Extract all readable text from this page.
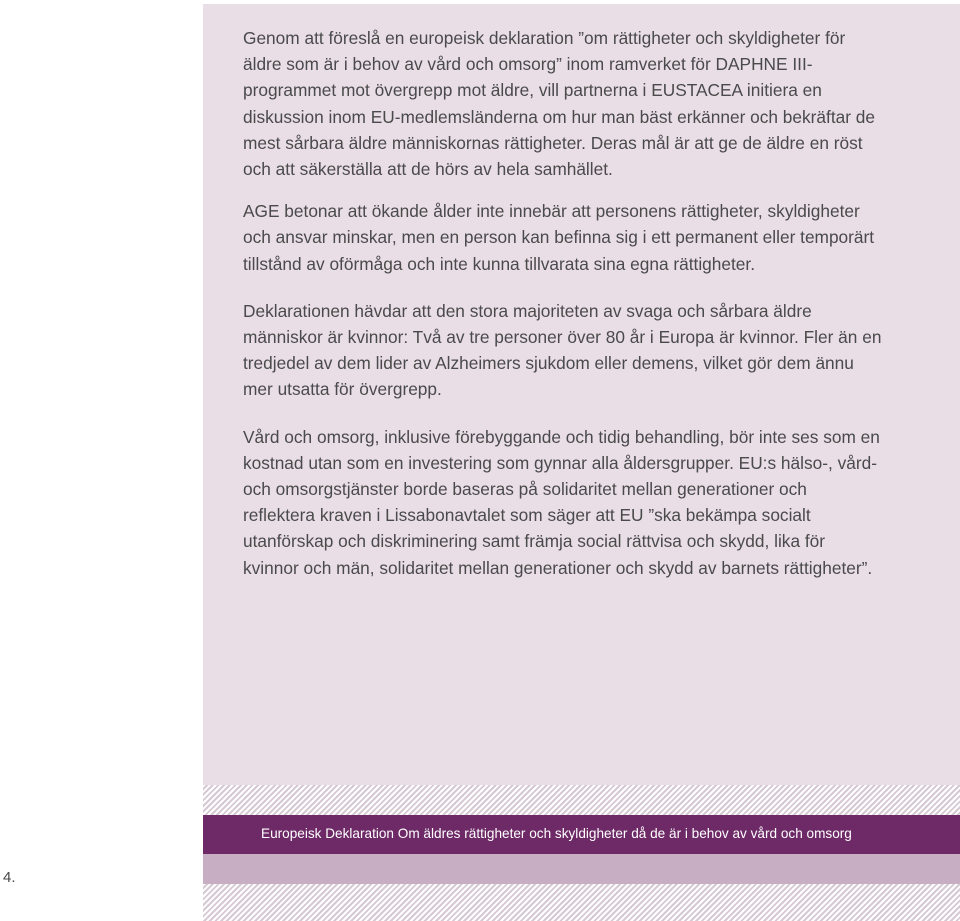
Genom att föreslå en europeisk deklaration ”om rättigheter och skyldigheter för äldre som är i behov av vård och omsorg” inom ramverket för DAPHNE III-programmet mot övergrepp mot äldre, vill partnerna i EUSTACEA initiera en diskussion inom EU-medlemsländerna om hur man bäst erkänner och bekräftar de mest sårbara äldre människornas rättigheter. Deras mål är att ge de äldre en röst och att säkerställa att de hörs av hela samhället.

AGE betonar att ökande ålder inte innebär att personens rättigheter, skyldigheter och ansvar minskar, men en person kan befinna sig i ett permanent eller temporärt tillstånd av oförmåga och inte kunna tillvarata sina egna rättigheter.

Deklarationen hävdar att den stora majoriteten av svaga och sårbara äldre människor är kvinnor: Två av tre personer över 80 år i Europa är kvinnor. Fler än en tredjedel av dem lider av Alzheimers sjukdom eller demens, vilket gör dem ännu mer utsatta för övergrepp.

Vård och omsorg, inklusive förebyggande och tidig behandling, bör inte ses som en kostnad utan som en investering som gynnar alla åldersgrupper. EU:s hälso-, vård- och omsorgstjänster borde baseras på solidaritet mellan generationer och reflektera kraven i Lissabonavtalet som säger att EU ”ska bekämpa socialt utanförskap och diskriminering samt främja social rättvisa och skydd, lika för kvinnor och män, solidaritet mellan generationer och skydd av barnets rättigheter”.

Europeisk Deklaration Om äldres rättigheter och skyldigheter då de är i behov av vård och omsorg
4.
